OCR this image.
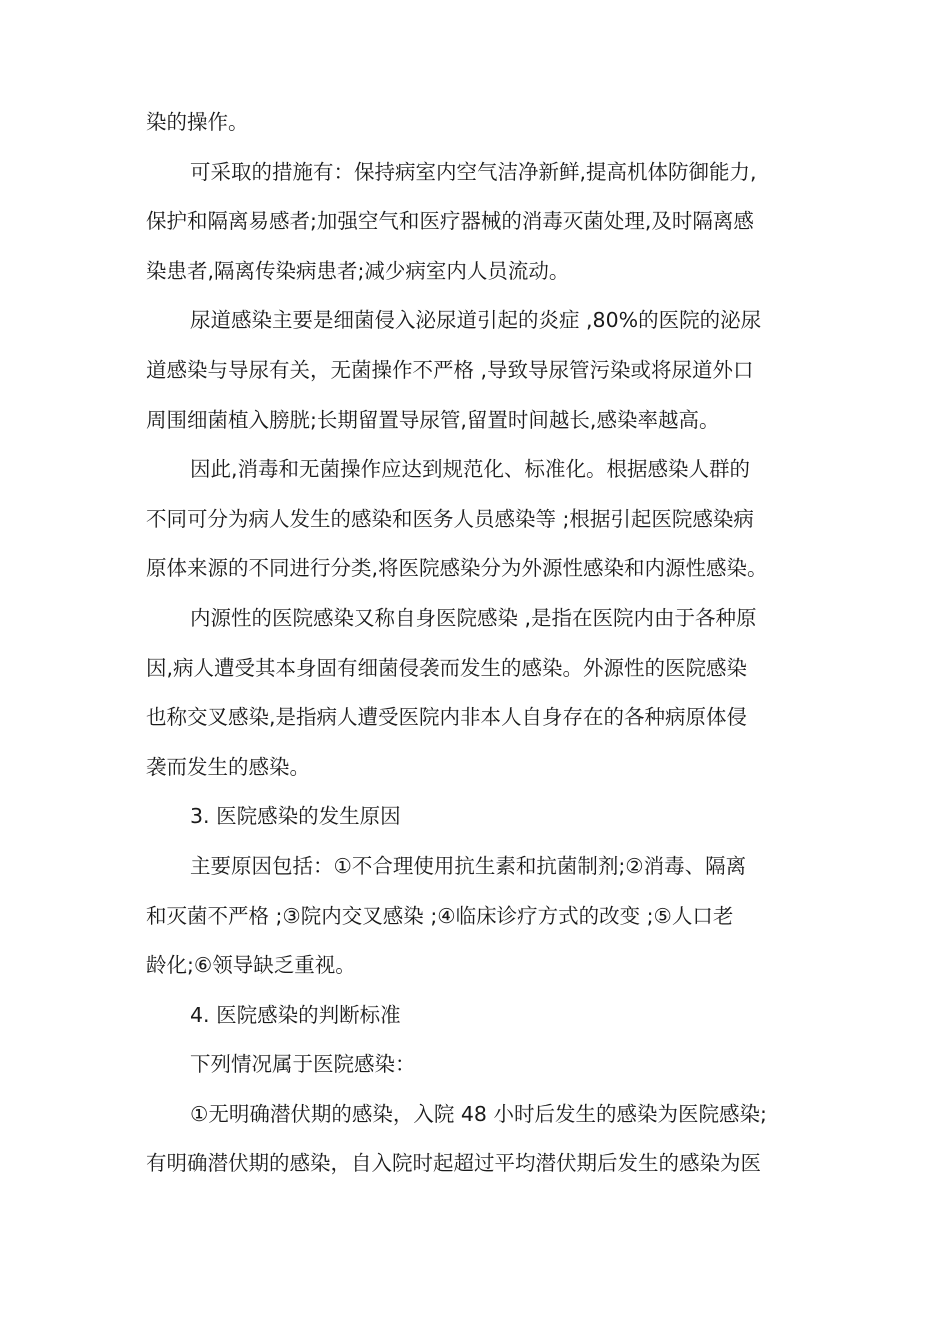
染的操作。
可采取的措施有：保持病室内空气洁净新鲜,提高机体防御能力,
保护和隔离易感者;加强空气和医疗器械的消毒灭菌处理,及时隔离感
染患者,隔离传染病患者;减少病室内人员流动。
尿道感染主要是细菌侵入泌尿道引起的炎症 ,80%的医院的泌尿
道感染与导尿有关，无菌操作不严格 ,导致导尿管污染或将尿道外口
周围细菌植入膀胱;长期留置导尿管,留置时间越长,感染率越高。
因此,消毒和无菌操作应达到规范化、标准化。根据感染人群的
不同可分为病人发生的感染和医务人员感染等 ;根据引起医院感染病
原体来源的不同进行分类,将医院感染分为外源性感染和内源性感染。
内源性的医院感染又称自身医院感染 ,是指在医院内由于各种原
因,病人遭受其本身固有细菌侵袭而发生的感染。外源性的医院感染
也称交叉感染,是指病人遭受医院内非本人自身存在的各种病原体侵
袭而发生的感染。
3. 医院感染的发生原因
主要原因包括：①不合理使用抗生素和抗菌制剂;②消毒、隔离
和灭菌不严格 ;③院内交叉感染 ;④临床诊疗方式的改变 ;⑤人口老
龄化;⑥领导缺乏重视。
4. 医院感染的判断标准
下列情况属于医院感染：
①无明确潜伏期的感染，入院 48 小时后发生的感染为医院感染;
有明确潜伏期的感染，自入院时起超过平均潜伏期后发生的感染为医
